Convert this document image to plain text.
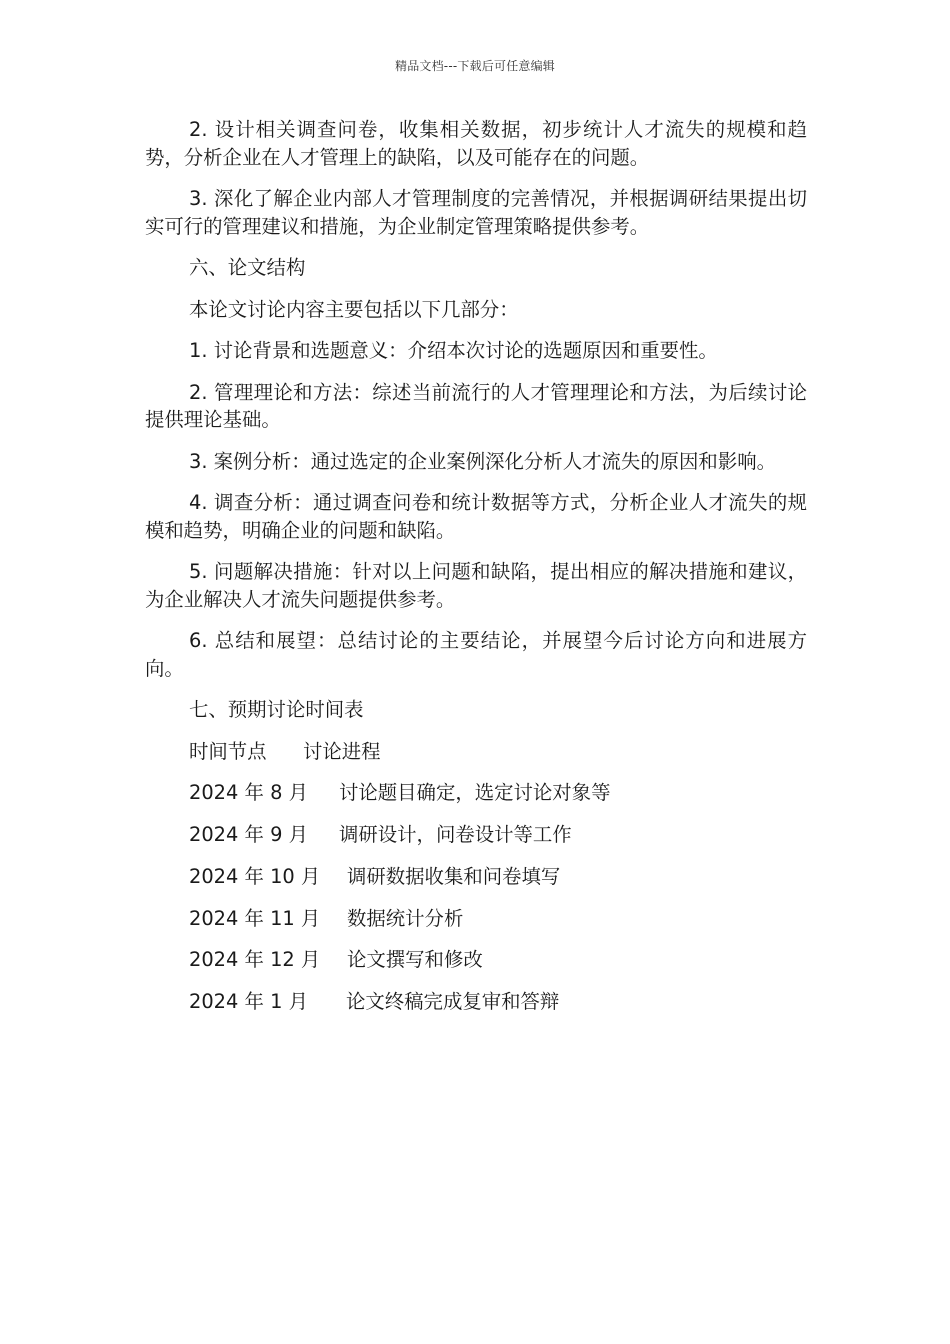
精品文档---下载后可任意编辑

2. 设计相关调查问卷，收集相关数据，初步统计人才流失的规模和趋势，分析企业在人才管理上的缺陷，以及可能存在的问题。

3. 深化了解企业内部人才管理制度的完善情况，并根据调研结果提出切实可行的管理建议和措施，为企业制定管理策略提供参考。

六、论文结构

本论文讨论内容主要包括以下几部分：

1. 讨论背景和选题意义：介绍本次讨论的选题原因和重要性。

2. 管理理论和方法：综述当前流行的人才管理理论和方法，为后续讨论提供理论基础。

3. 案例分析：通过选定的企业案例深化分析人才流失的原因和影响。

4. 调查分析：通过调查问卷和统计数据等方式，分析企业人才流失的规模和趋势，明确企业的问题和缺陷。

5. 问题解决措施：针对以上问题和缺陷，提出相应的解决措施和建议，为企业解决人才流失问题提供参考。

6. 总结和展望：总结讨论的主要结论，并展望今后讨论方向和进展方向。

七、预期讨论时间表

时间节点 讨论进程
2024 年 8 月 讨论题目确定，选定讨论对象等
2024 年 9 月 调研设计，问卷设计等工作
2024 年 10 月 调研数据收集和问卷填写
2024 年 11 月 数据统计分析
2024 年 12 月 论文撰写和修改
2024 年 1 月 论文终稿完成复审和答辩
